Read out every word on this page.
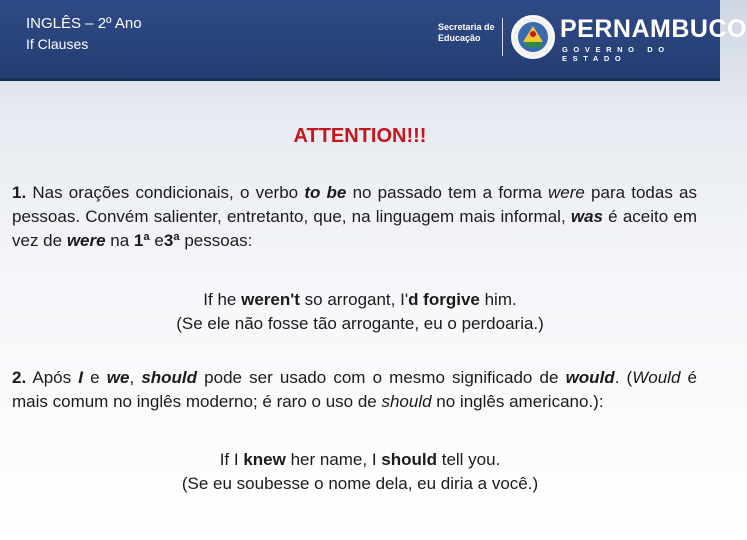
INGLÊS – 2º Ano
If Clauses
Secretaria de
Educação	PERNAMBUCO
GOVERNO DO ESTADO
ATTENTION!!!
1. Nas orações condicionais, o verbo to be no passado tem a forma were para todas as pessoas. Convém salienter, entretanto, que, na linguagem mais informal, was é aceito em vez de were na 1ª e3ª pessoas:
If he weren't so arrogant, I'd forgive him.
(Se ele não fosse tão arrogante, eu o perdoaria.)
2. Após I e we, should pode ser usado com o mesmo significado de would. (Would é mais comum no inglês moderno; é raro o uso de should no inglês americano.):
If I knew her name, I should tell you.
(Se eu soubesse o nome dela, eu diria a você.)
